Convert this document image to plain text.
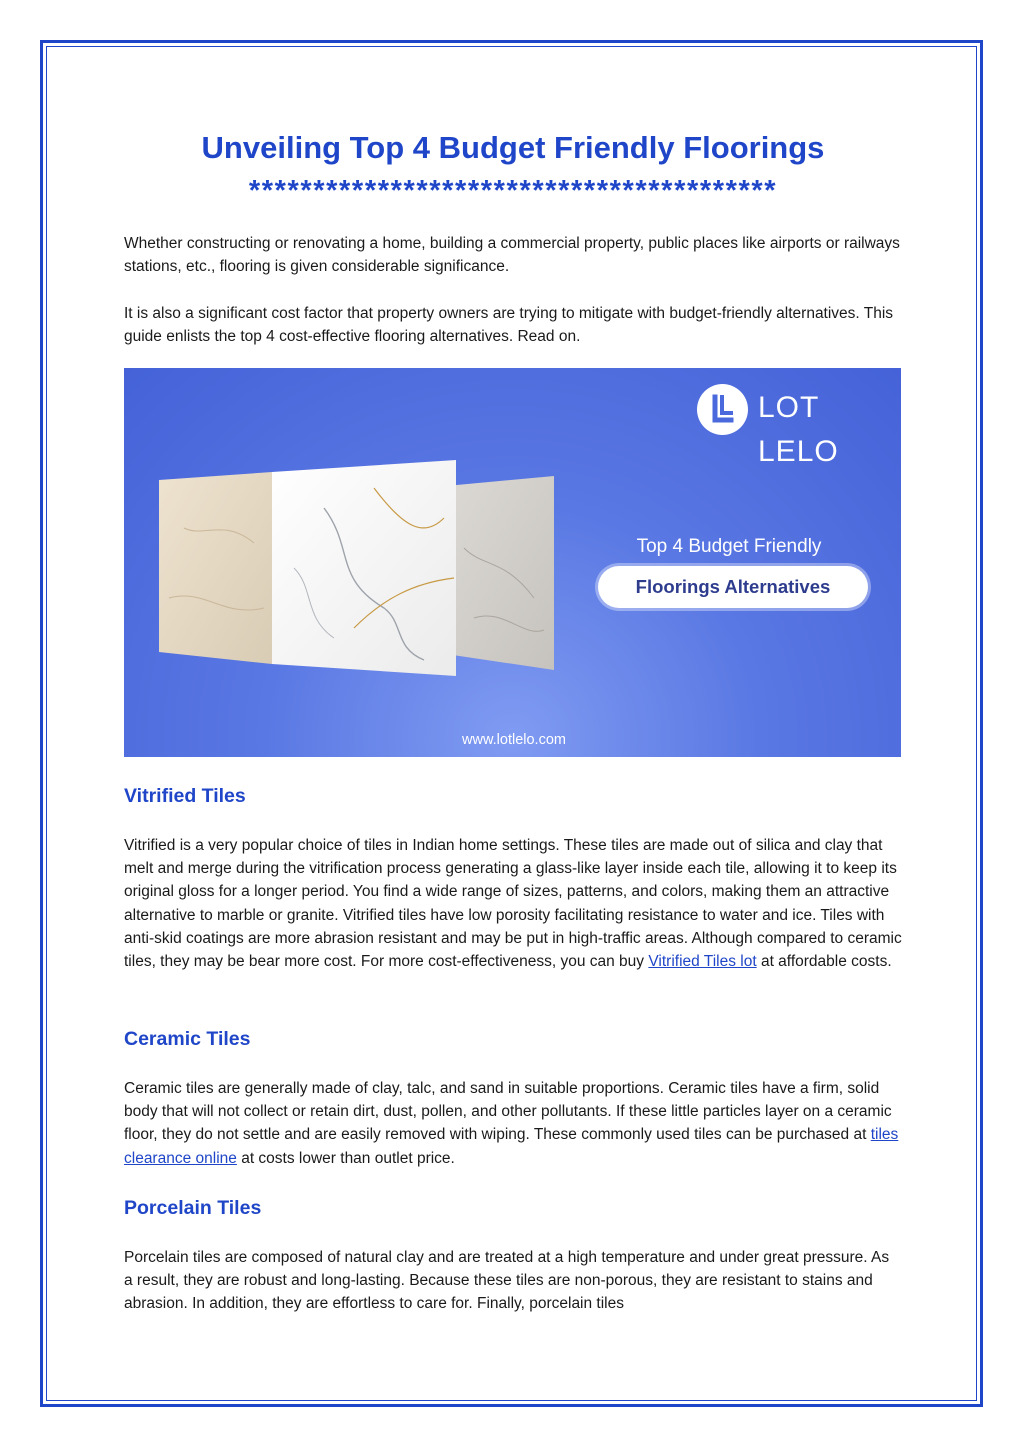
Unveiling Top 4 Budget Friendly Floorings
*****************************************

Whether constructing or renovating a home, building a commercial property, public places like airports or railways stations, etc., flooring is given considerable significance.

It is also a significant cost factor that property owners are trying to mitigate with budget-friendly alternatives. This guide enlists the top 4 cost-effective flooring alternatives. Read on.

LOT LELO
Top 4 Budget Friendly
Floorings Alternatives
www.lotlelo.com
Vitrified Tiles

Vitrified is a very popular choice of tiles in Indian home settings. These tiles are made out of silica and clay that melt and merge during the vitrification process generating a glass-like layer inside each tile, allowing it to keep its original gloss for a longer period. You find a wide range of sizes, patterns, and colors, making them an attractive alternative to marble or granite. Vitrified tiles have low porosity facilitating resistance to water and ice. Tiles with anti-skid coatings are more abrasion resistant and may be put in high-traffic areas. Although compared to ceramic tiles, they may be bear more cost. For more cost-effectiveness, you can buy Vitrified Tiles lot at affordable costs.

Ceramic Tiles

Ceramic tiles are generally made of clay, talc, and sand in suitable proportions. Ceramic tiles have a firm, solid body that will not collect or retain dirt, dust, pollen, and other pollutants. If these little particles layer on a ceramic floor, they do not settle and are easily removed with wiping. These commonly used tiles can be purchased at tiles clearance online at costs lower than outlet price.

Porcelain Tiles

Porcelain tiles are composed of natural clay and are treated at a high temperature and under great pressure. As a result, they are robust and long-lasting. Because these tiles are non-porous, they are resistant to stains and abrasion. In addition, they are effortless to care for. Finally, porcelain tiles
